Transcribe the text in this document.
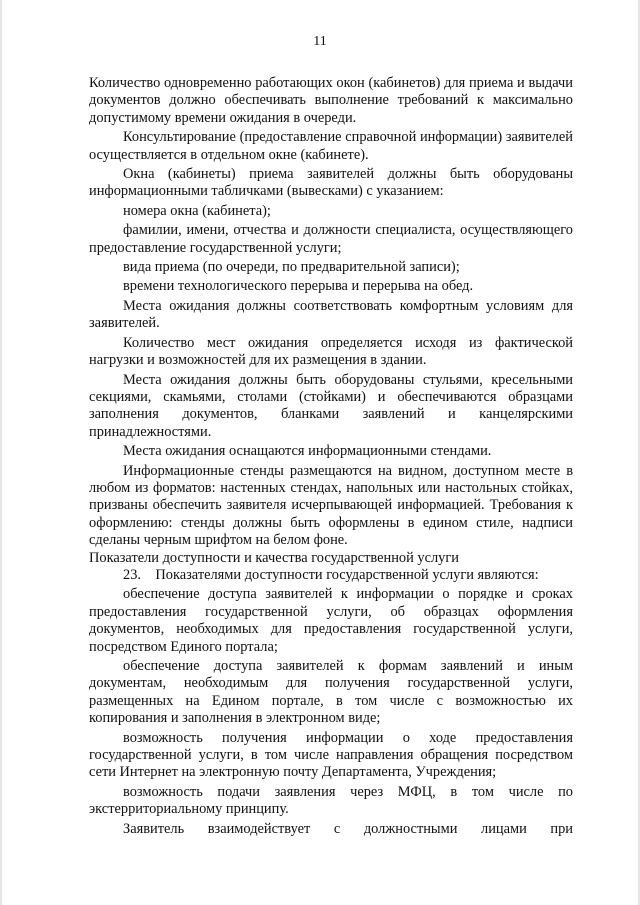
11

Количество одновременно работающих окон (кабинетов) для приема и выдачи документов должно обеспечивать выполнение требований к максимально допустимому времени ожидания в очереди.

Консультирование (предоставление справочной информации) заявителей осуществляется в отдельном окне (кабинете).

Окна (кабинеты) приема заявителей должны быть оборудованы информационными табличками (вывесками) с указанием:

номера окна (кабинета);

фамилии, имени, отчества и должности специалиста, осуществляющего предоставление государственной услуги;

вида приема (по очереди, по предварительной записи);

времени технологического перерыва и перерыва на обед.

Места ожидания должны соответствовать комфортным условиям для заявителей.

Количество мест ожидания определяется исходя из фактической нагрузки и возможностей для их размещения в здании.

Места ожидания должны быть оборудованы стульями, кресельными секциями, скамьями, столами (стойками) и обеспечиваются образцами заполнения документов, бланками заявлений и канцелярскими принадлежностями.

Места ожидания оснащаются информационными стендами.

Информационные стенды размещаются на видном, доступном месте в любом из форматов: настенных стендах, напольных или настольных стойках, призваны обеспечить заявителя исчерпывающей информацией. Требования к оформлению: стенды должны быть оформлены в едином стиле, надписи сделаны черным шрифтом на белом фоне.

Показатели доступности и качества государственной услуги

23. Показателями доступности государственной услуги являются:

обеспечение доступа заявителей к информации о порядке и сроках предоставления государственной услуги, об образцах оформления документов, необходимых для предоставления государственной услуги, посредством Единого портала;

обеспечение доступа заявителей к формам заявлений и иным документам, необходимым для получения государственной услуги, размещенных на Едином портале, в том числе с возможностью их копирования и заполнения в электронном виде;

возможность получения информации о ходе предоставления государственной услуги, в том числе направления обращения посредством сети Интернет на электронную почту Департамента, Учреждения;

возможность подачи заявления через МФЦ, в том числе по экстерриториальному принципу.

Заявитель взаимодействует с должностными лицами при
